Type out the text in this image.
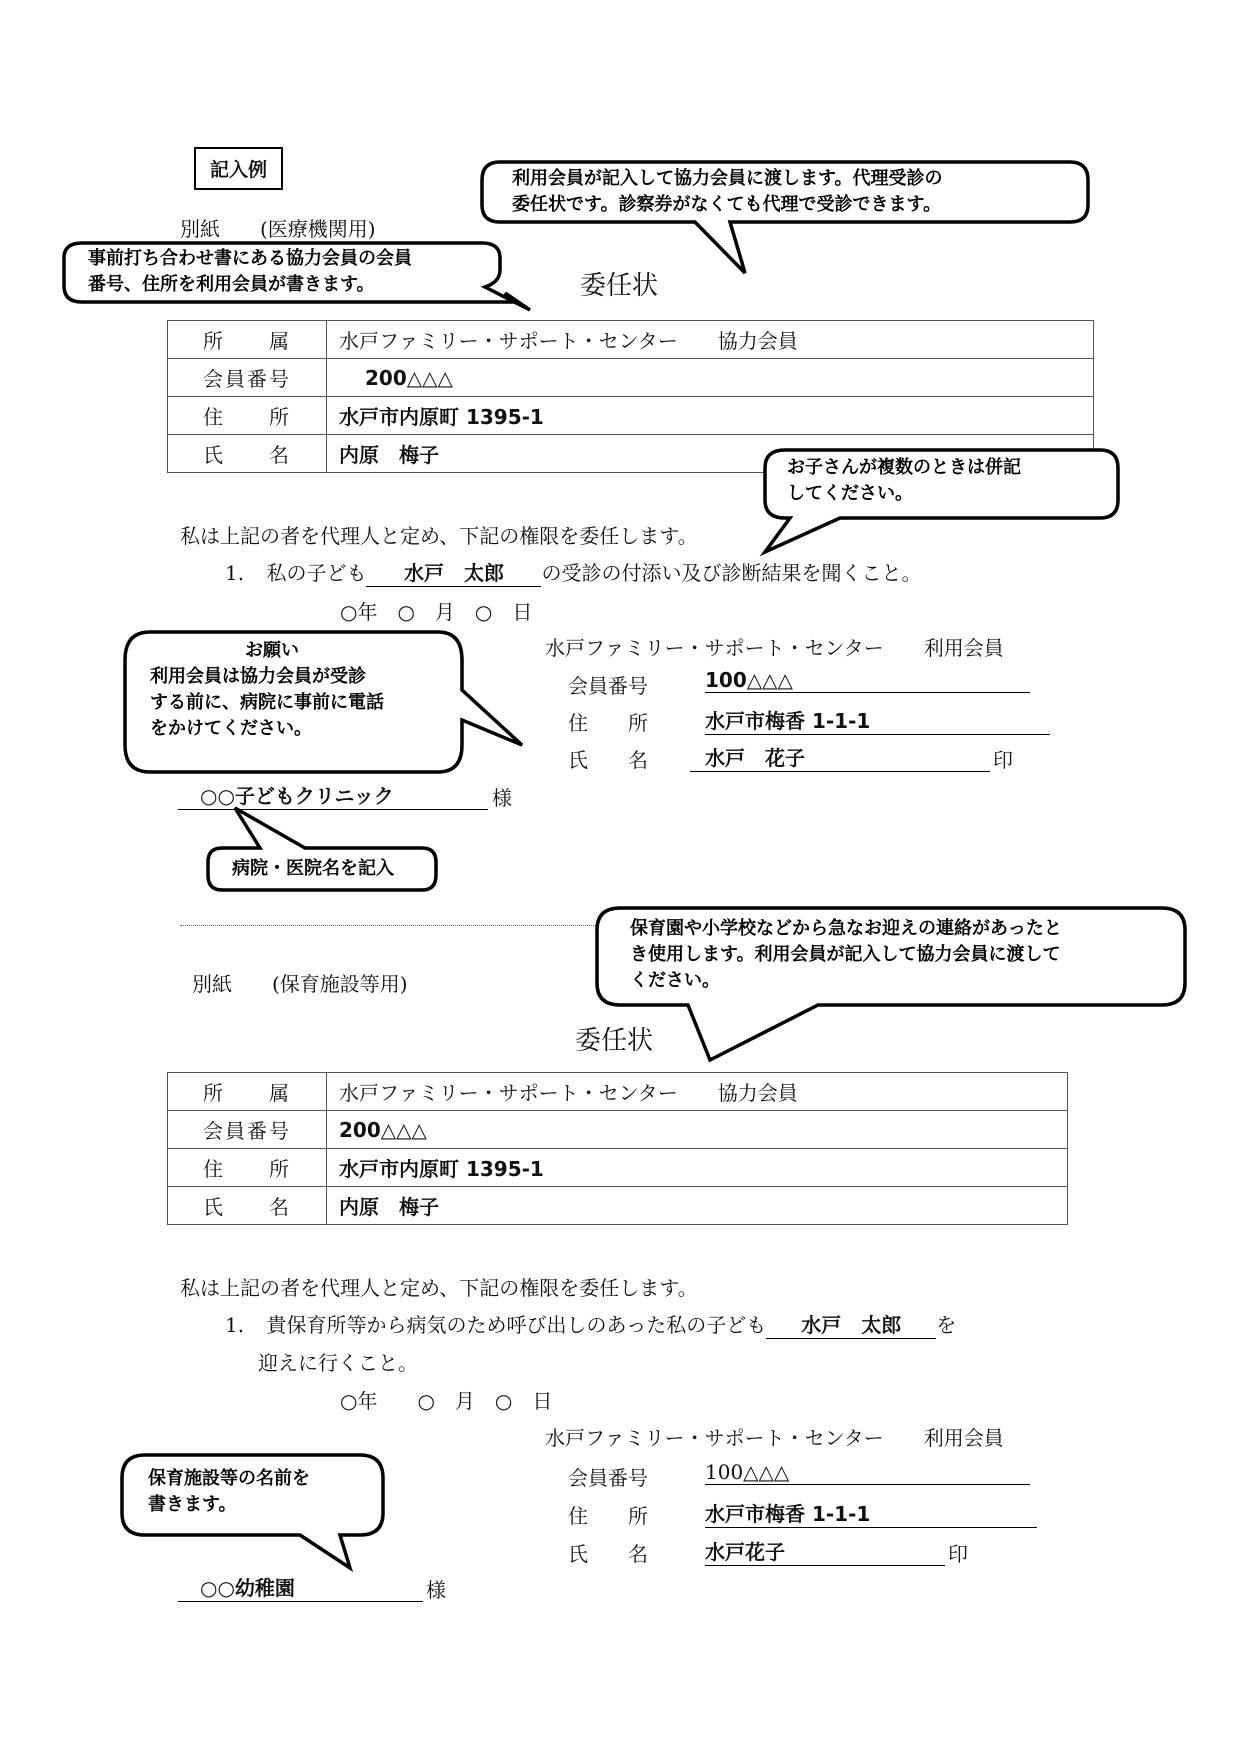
記入例
別紙　　(医療機関用)
委任状
所　　属	水戸ファミリー・サポート・センター　　協力会員
会員番号	200△△△
住　　所	水戸市内原町 1395-1
氏　　名	内原　梅子
私は上記の者を代理人と定め、下記の権限を委任します。
1. 私の子ども 水戸　太郎 の受診の付添い及び診断結果を聞くこと。
○年　○　月　○　日
水戸ファミリー・サポート・センター　　利用会員
会員番号	100△△△
住　　所	水戸市梅香 1-1-1
氏　　名	水戸　花子	印
○○子どもクリニック	様
別紙　　(保育施設等用)
委任状
所　　属	水戸ファミリー・サポート・センター　　協力会員
会員番号	200△△△
住　　所	水戸市内原町 1395-1
氏　　名	内原　梅子
私は上記の者を代理人と定め、下記の権限を委任します。
1. 貴保育所等から病気のため呼び出しのあった私の子ども 水戸　太郎 を
迎えに行くこと。
○年　　○　月　○　日
水戸ファミリー・サポート・センター　　利用会員
会員番号	100△△△
住　　所	水戸市梅香 1-1-1
氏　　名	水戸花子	印
○○幼稚園	様
利用会員が記入して協力会員に渡します。代理受診の
委任状です。診察券がなくても代理で受診できます。
事前打ち合わせ書にある協力会員の会員
番号、住所を利用会員が書きます。
お子さんが複数のときは併記
してください。
お願い
利用会員は協力会員が受診
する前に、病院に事前に電話
をかけてください。
病院・医院名を記入
保育園や小学校などから急なお迎えの連絡があったと
き使用します。利用会員が記入して協力会員に渡して
ください。
保育施設等の名前を
書きます。
